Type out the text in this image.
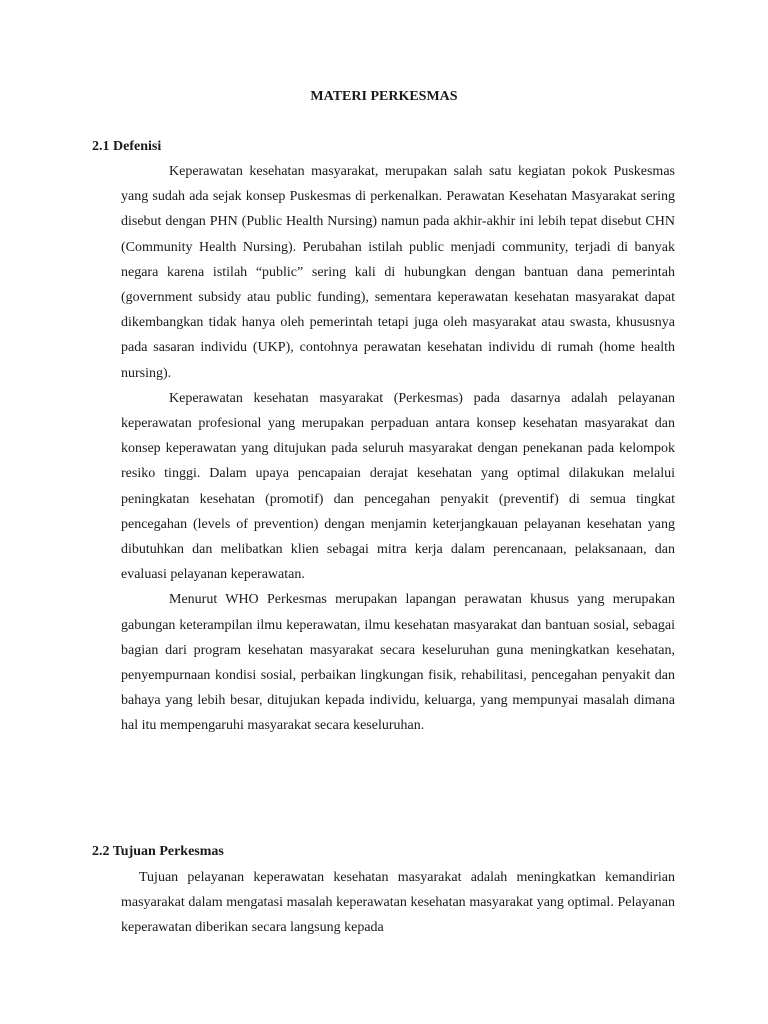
MATERI PERKESMAS
2.1 Defenisi

Keperawatan kesehatan masyarakat, merupakan salah satu kegiatan pokok Puskesmas yang sudah ada sejak konsep Puskesmas di perkenalkan. Perawatan Kesehatan Masyarakat sering disebut dengan PHN (Public Health Nursing) namun pada akhir-akhir ini lebih tepat disebut CHN (Community Health Nursing). Perubahan istilah public menjadi community, terjadi di banyak negara karena istilah “public” sering kali di hubungkan dengan bantuan dana pemerintah (government subsidy atau public funding), sementara keperawatan kesehatan masyarakat dapat dikembangkan tidak hanya oleh pemerintah tetapi juga oleh masyarakat atau swasta, khususnya pada sasaran individu (UKP), contohnya perawatan kesehatan individu di rumah (home health nursing).

Keperawatan kesehatan masyarakat (Perkesmas) pada dasarnya adalah pelayanan keperawatan profesional yang merupakan perpaduan antara konsep kesehatan masyarakat dan konsep keperawatan yang ditujukan pada seluruh masyarakat dengan penekanan pada kelompok resiko tinggi. Dalam upaya pencapaian derajat kesehatan yang optimal dilakukan melalui peningkatan kesehatan (promotif) dan pencegahan penyakit (preventif) di semua tingkat pencegahan (levels of prevention) dengan menjamin keterjangkauan pelayanan kesehatan yang dibutuhkan dan melibatkan klien sebagai mitra kerja dalam perencanaan, pelaksanaan, dan evaluasi pelayanan keperawatan.

Menurut WHO Perkesmas merupakan lapangan perawatan khusus yang merupakan gabungan keterampilan ilmu keperawatan, ilmu kesehatan masyarakat dan bantuan sosial, sebagai bagian dari program kesehatan masyarakat secara keseluruhan guna meningkatkan kesehatan, penyempurnaan kondisi sosial, perbaikan lingkungan fisik, rehabilitasi, pencegahan penyakit dan bahaya yang lebih besar, ditujukan kepada individu, keluarga, yang mempunyai masalah dimana hal itu mempengaruhi masyarakat secara keseluruhan.

2.2 Tujuan Perkesmas

Tujuan pelayanan keperawatan kesehatan masyarakat adalah meningkatkan kemandirian masyarakat dalam mengatasi masalah keperawatan kesehatan masyarakat yang optimal. Pelayanan keperawatan diberikan secara langsung kepada
